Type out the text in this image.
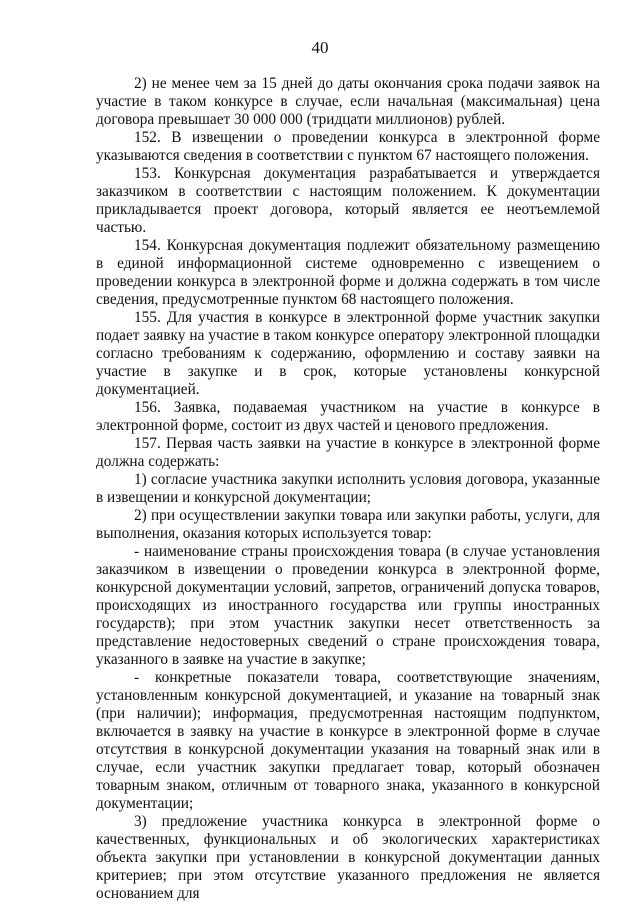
40

2) не менее чем за 15 дней до даты окончания срока подачи заявок на участие в таком конкурсе в случае, если начальная (максимальная) цена договора превышает 30 000 000 (тридцати миллионов) рублей.

152. В извещении о проведении конкурса в электронной форме указываются сведения в соответствии с пунктом 67 настоящего положения.

153. Конкурсная документация разрабатывается и утверждается заказчиком в соответствии с настоящим положением. К документации прикладывается проект договора, который является ее неотъемлемой частью.

154. Конкурсная документация подлежит обязательному размещению в единой информационной системе одновременно с извещением о проведении конкурса в электронной форме и должна содержать в том числе сведения, предусмотренные пунктом 68 настоящего положения.

155. Для участия в конкурсе в электронной форме участник закупки подает заявку на участие в таком конкурсе оператору электронной площадки согласно требованиям к содержанию, оформлению и составу заявки на участие в закупке и в срок, которые установлены конкурсной документацией.

156. Заявка, подаваемая участником на участие в конкурсе в электронной форме, состоит из двух частей и ценового предложения.

157. Первая часть заявки на участие в конкурсе в электронной форме должна содержать:

1) согласие участника закупки исполнить условия договора, указанные в извещении и конкурсной документации;

2) при осуществлении закупки товара или закупки работы, услуги, для выполнения, оказания которых используется товар:

- наименование страны происхождения товара (в случае установления заказчиком в извещении о проведении конкурса в электронной форме, конкурсной документации условий, запретов, ограничений допуска товаров, происходящих из иностранного государства или группы иностранных государств); при этом участник закупки несет ответственность за представление недостоверных сведений о стране происхождения товара, указанного в заявке на участие в закупке;

- конкретные показатели товара, соответствующие значениям, установленным конкурсной документацией, и указание на товарный знак (при наличии); информация, предусмотренная настоящим подпунктом, включается в заявку на участие в конкурсе в электронной форме в случае отсутствия в конкурсной документации указания на товарный знак или в случае, если участник закупки предлагает товар, который обозначен товарным знаком, отличным от товарного знака, указанного в конкурсной документации;

3) предложение участника конкурса в электронной форме о качественных, функциональных и об экологических характеристиках объекта закупки при установлении в конкурсной документации данных критериев; при этом отсутствие указанного предложения не является основанием для
